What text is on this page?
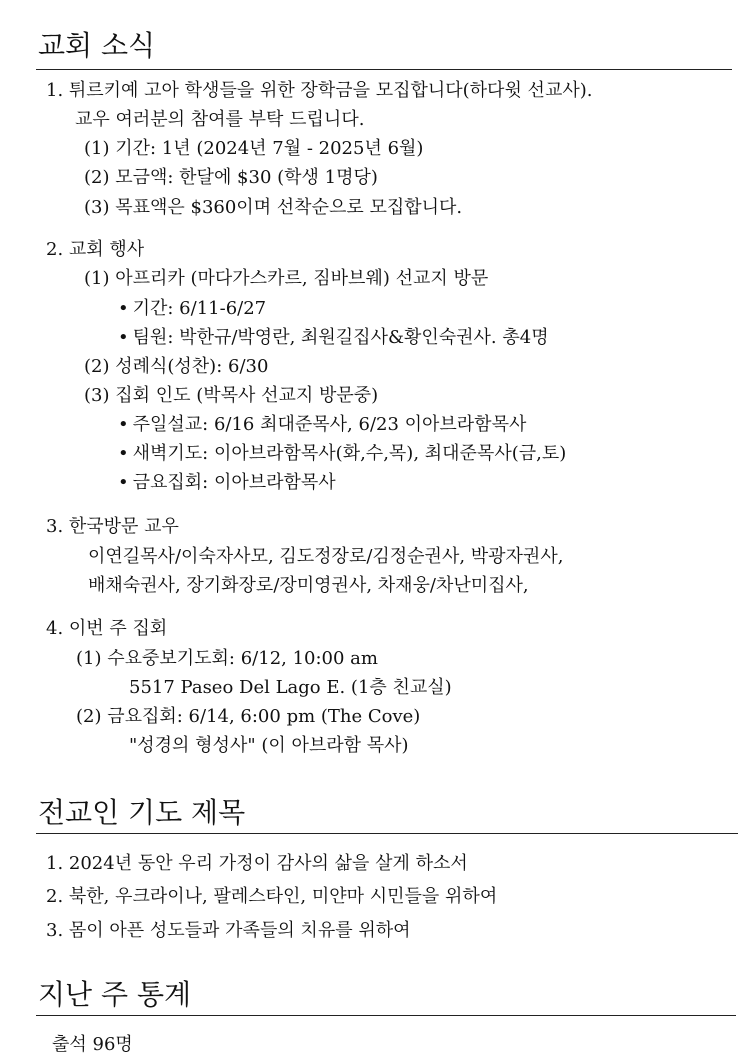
교회 소식
1. 튀르키예 고아 학생들을 위한 장학금을 모집합니다(하다윗 선교사).
교우 여러분의 참여를 부탁 드립니다.
(1) 기간: 1년 (2024년 7월 - 2025년 6월)
(2) 모금액: 한달에 $30 (학생 1명당)
(3) 목표액은 $360이며 선착순으로 모집합니다.
2. 교회 행사
(1) 아프리카 (마다가스카르, 짐바브웨) 선교지 방문
• 기간: 6/11-6/27
• 팀원: 박한규/박영란, 최원길집사&황인숙권사. 총4명
(2) 성례식(성찬): 6/30
(3) 집회 인도 (박목사 선교지 방문중)
• 주일설교: 6/16 최대준목사, 6/23 이아브라함목사
• 새벽기도: 이아브라함목사(화,수,목), 최대준목사(금,토)
• 금요집회: 이아브라함목사
3. 한국방문 교우
이연길목사/이숙자사모, 김도정장로/김정순권사, 박광자권사,
배채숙권사, 장기화장로/장미영권사, 차재웅/차난미집사,
4. 이번 주 집회
(1) 수요중보기도회: 6/12, 10:00 am
5517 Paseo Del Lago E. (1층 친교실)
(2) 금요집회: 6/14, 6:00 pm (The Cove)
"성경의 형성사" (이 아브라함 목사)
전교인 기도 제목
1. 2024년 동안 우리 가정이 감사의 삶을 살게 하소서
2. 북한, 우크라이나, 팔레스타인, 미얀마 시민들을 위하여
3. 몸이 아픈 성도들과 가족들의 치유를 위하여
지난 주 통계
출석 96명
